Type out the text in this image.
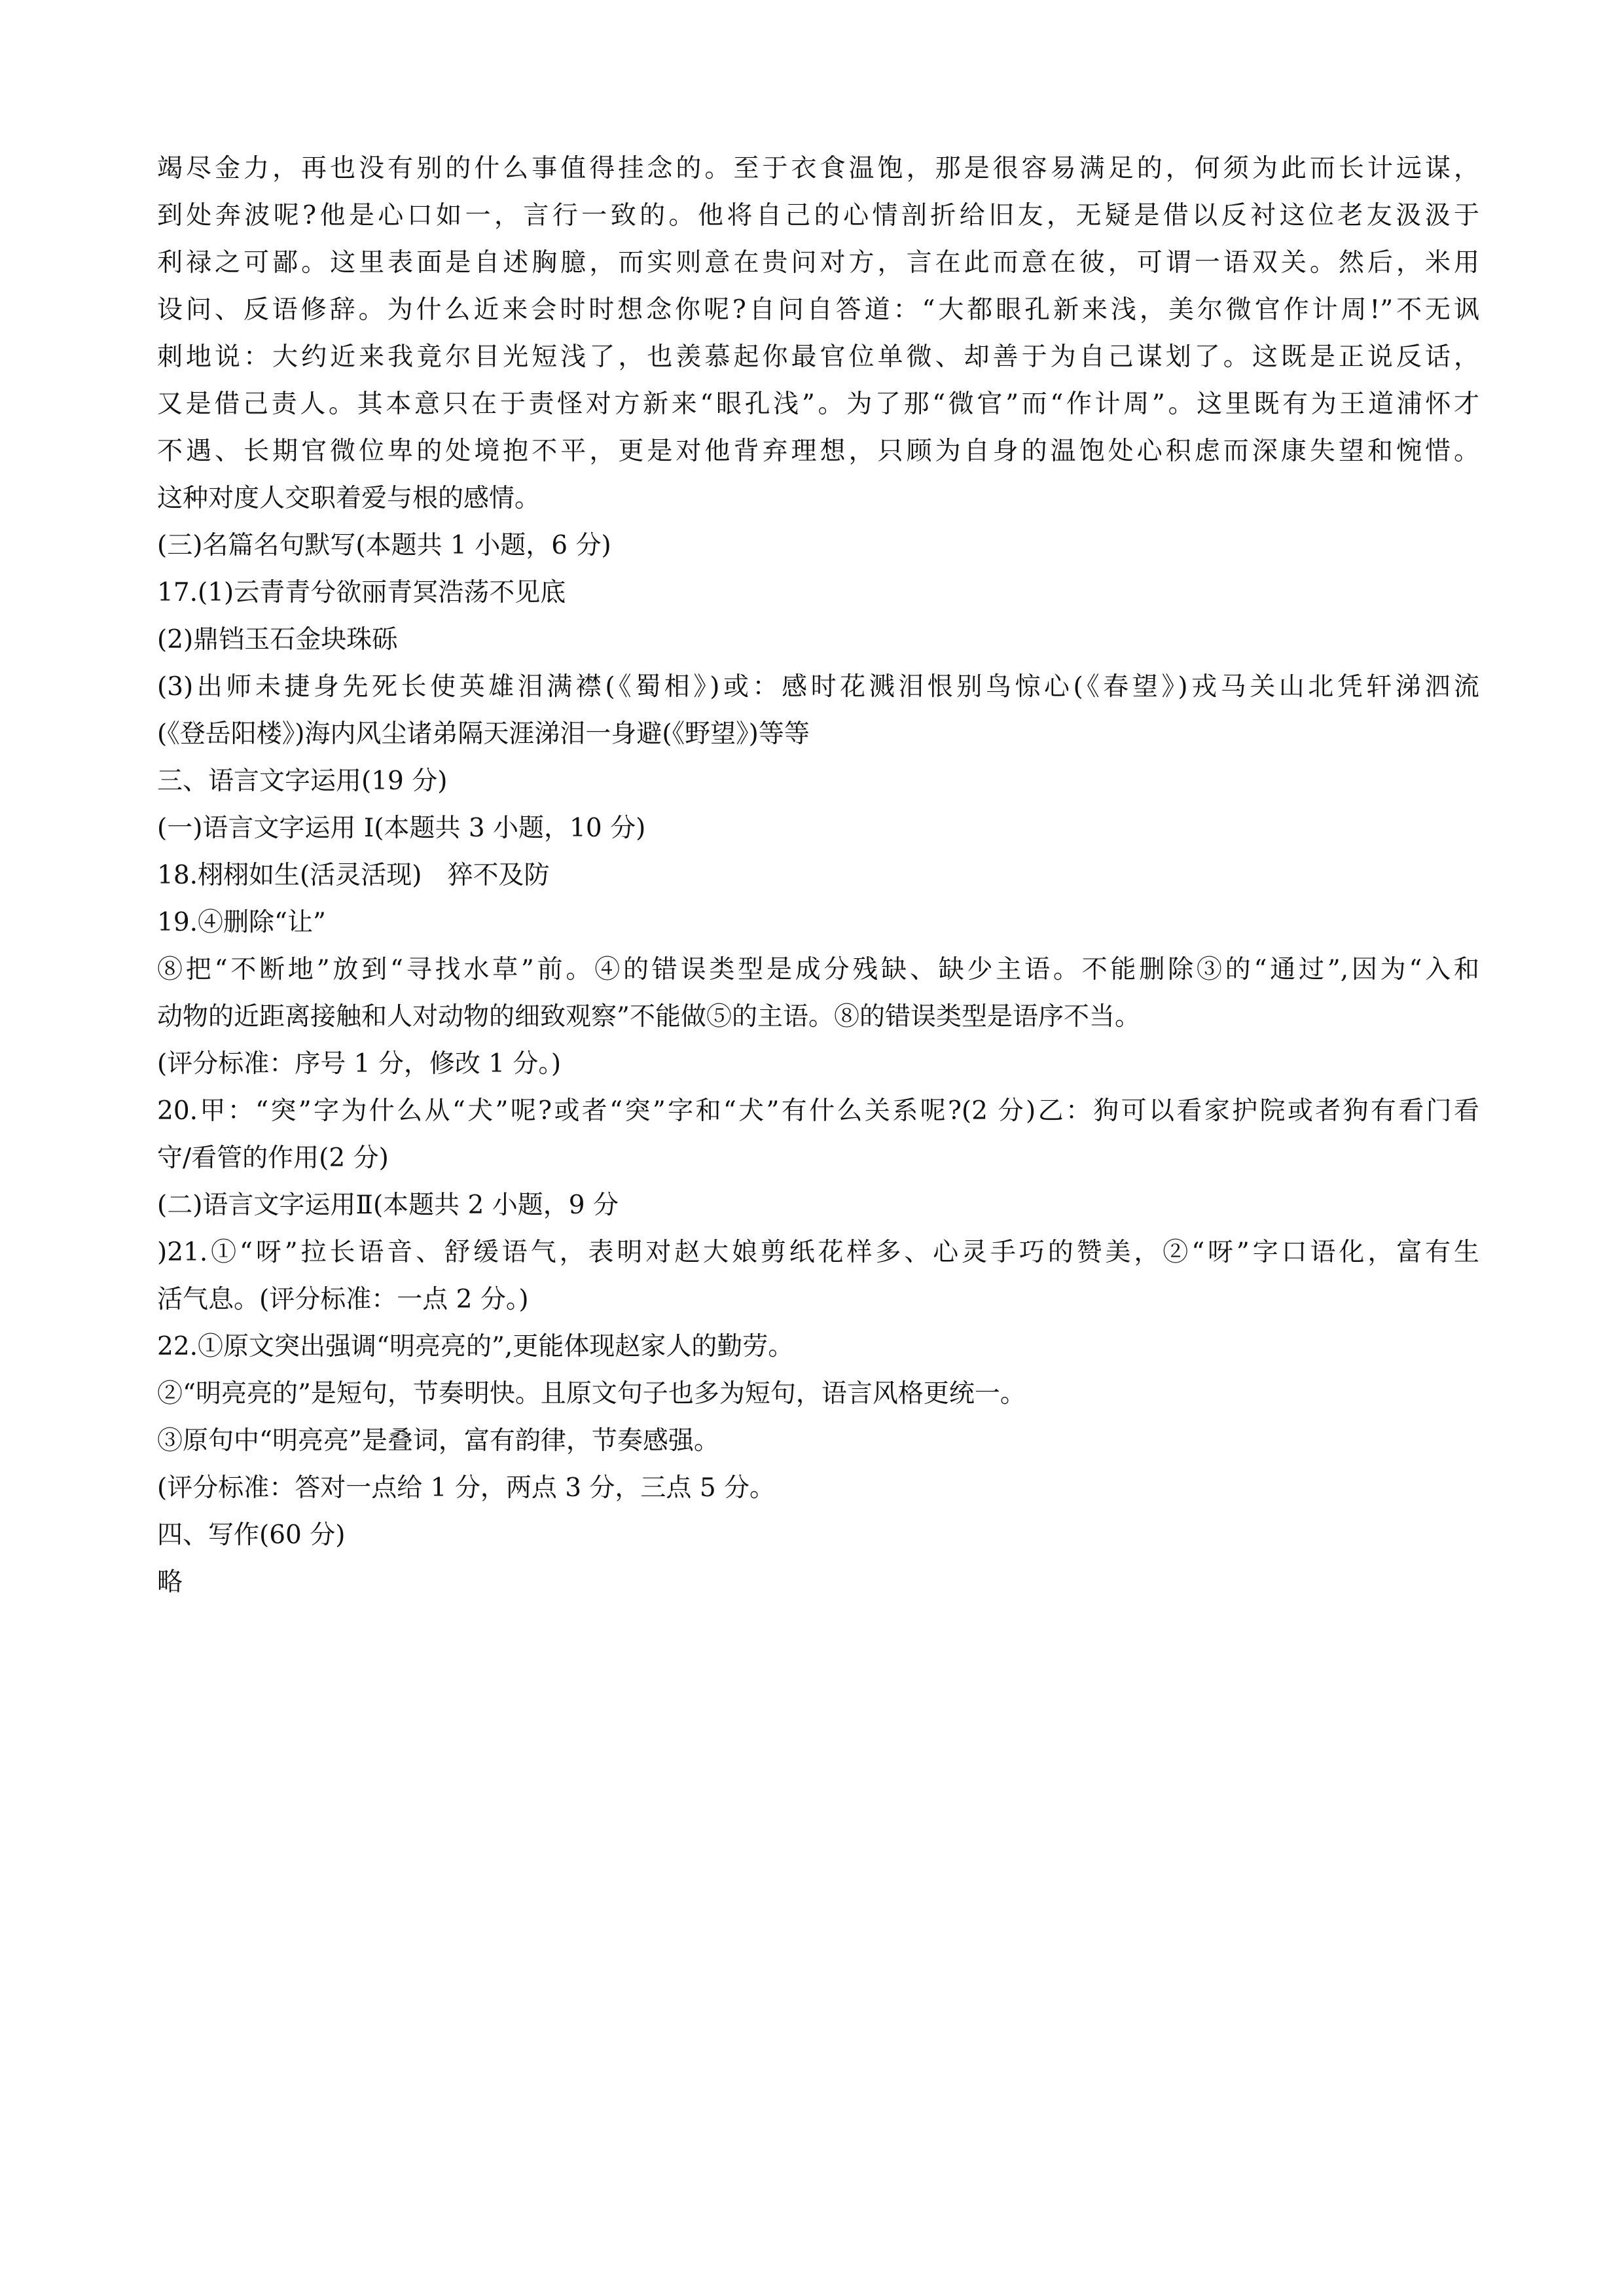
竭尽金力，再也没有别的什么事值得挂念的。至于衣食温饱，那是很容易满足的，何须为此而长计远谋，
到处奔波呢?他是心口如一，言行一致的。他将自己的心情剖折给旧友，无疑是借以反衬这位老友汲汲于
利禄之可鄙。这里表面是自述胸臆，而实则意在贵问对方，言在此而意在彼，可谓一语双关。然后，米用
设问、反语修辞。为什么近来会时时想念你呢?自问自答道：“大都眼孔新来浅，美尔微官作计周!”不无讽
刺地说：大约近来我竟尔目光短浅了，也羡慕起你最官位单微、却善于为自己谋划了。这既是正说反话，
又是借己责人。其本意只在于责怪对方新来“眼孔浅”。为了那“微官”而“作计周”。这里既有为王道浦怀才
不遇、长期官微位卑的处境抱不平，更是对他背弃理想，只顾为自身的温饱处心积虑而深康失望和惋惜。
这种对度人交职着爱与根的感情。
(三)名篇名句默写(本题共 1 小题，6 分)
17.(1)云青青兮欲丽青冥浩荡不见底
(2)鼎铛玉石金块珠砾
(3)出师未捷身先死长使英雄泪满襟(《蜀相》)或：感时花溅泪恨别鸟惊心(《春望》)戎马关山北凭轩涕泗流
(《登岳阳楼》)海内风尘诸弟隔天涯涕泪一身避(《野望》)等等
三、语言文字运用(19 分)
(一)语言文字运用 I(本题共 3 小题，10 分)
18.栩栩如生(活灵活现)　猝不及防
19.④删除“让”
⑧把“不断地”放到“寻找水草”前。④的错误类型是成分残缺、缺少主语。不能删除③的“通过”,因为“入和
动物的近距离接触和人对动物的细致观察”不能做⑤的主语。⑧的错误类型是语序不当。
(评分标准：序号 1 分，修改 1 分。)
20.甲：“突”字为什么从“犬”呢?或者“突”字和“犬”有什么关系呢?(2 分)乙：狗可以看家护院或者狗有看门看
守/看管的作用(2 分)
(二)语言文字运用Ⅱ(本题共 2 小题，9 分
)21.①“呀”拉长语音、舒缓语气，表明对赵大娘剪纸花样多、心灵手巧的赞美，②“呀”字口语化，富有生
活气息。(评分标准：一点 2 分。)
22.①原文突出强调“明亮亮的”,更能体现赵家人的勤劳。
②“明亮亮的”是短句，节奏明快。且原文句子也多为短句，语言风格更统一。
③原句中“明亮亮”是叠词，富有韵律，节奏感强。
(评分标准：答对一点给 1 分，两点 3 分，三点 5 分。
四、写作(60 分)
略
